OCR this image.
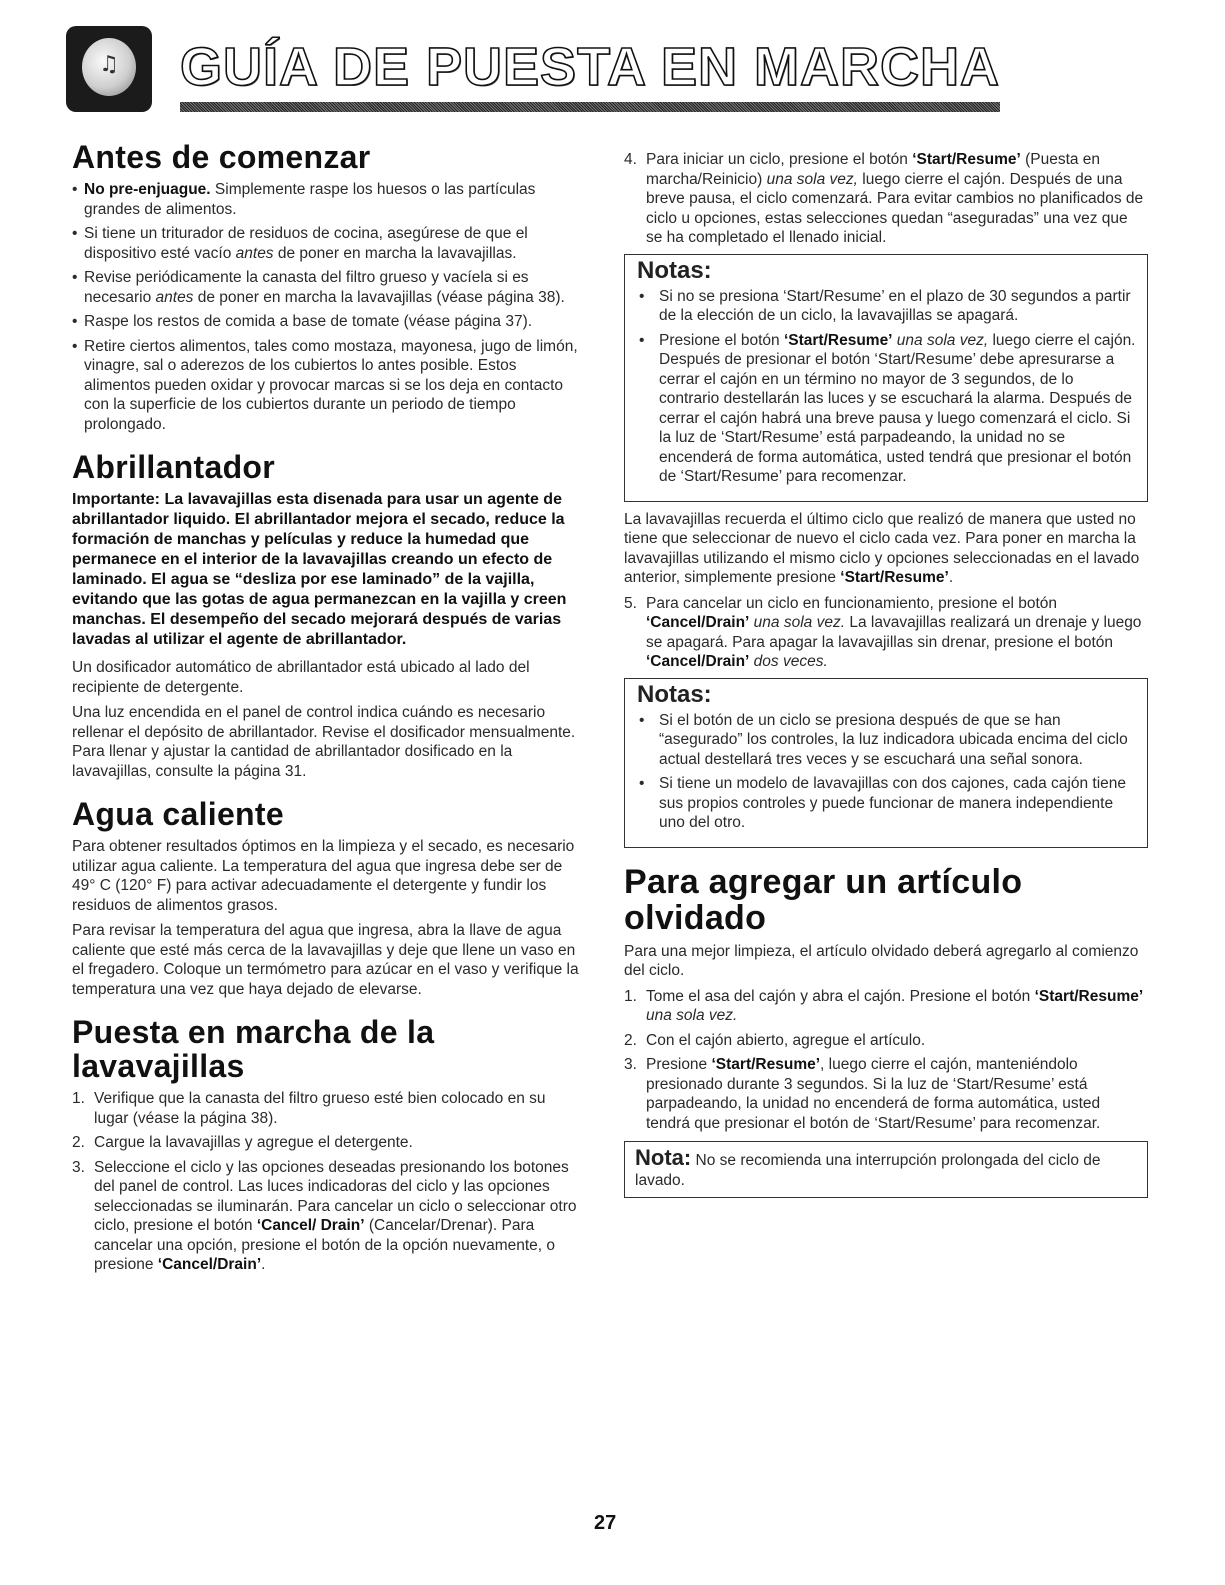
♫	GUÍA DE PUESTA EN MARCHA
Antes de comenzar
• No pre-enjuague. Simplemente raspe los huesos o las partículas grandes de alimentos.
• Si tiene un triturador de residuos de cocina, asegúrese de que el dispositivo esté vacío antes de poner en marcha la lavavajillas.
• Revise periódicamente la canasta del filtro grueso y vacíela si es necesario antes de poner en marcha la lavavajillas (véase página 38).
• Raspe los restos de comida a base de tomate (véase página 37).
• Retire ciertos alimentos, tales como mostaza, mayonesa, jugo de limón, vinagre, sal o aderezos de los cubiertos lo antes posible. Estos alimentos pueden oxidar y provocar marcas si se los deja en contacto con la superficie de los cubiertos durante un periodo de tiempo prolongado.
Abrillantador

Importante: La lavavajillas esta disenada para usar un agente de abrillantador liquido. El abrillantador mejora el secado, reduce la formación de manchas y películas y reduce la humedad que permanece en el interior de la lavavajillas creando un efecto de laminado. El agua se “desliza por ese laminado” de la vajilla, evitando que las gotas de agua permanezcan en la vajilla y creen manchas. El desempeño del secado mejorará después de varias lavadas al utilizar el agente de abrillantador.

Un dosificador automático de abrillantador está ubicado al lado del recipiente de detergente.

Una luz encendida en el panel de control indica cuándo es necesario rellenar el depósito de abrillantador. Revise el dosificador mensualmente. Para llenar y ajustar la cantidad de abrillantador dosificado en la lavavajillas, consulte la página 31.

Agua caliente

Para obtener resultados óptimos en la limpieza y el secado, es necesario utilizar agua caliente. La temperatura del agua que ingresa debe ser de 49° C (120° F) para activar adecuadamente el detergente y fundir los residuos de alimentos grasos.

Para revisar la temperatura del agua que ingresa, abra la llave de agua caliente que esté más cerca de la lavavajillas y deje que llene un vaso en el fregadero. Coloque un termómetro para azúcar en el vaso y verifique la temperatura una vez que haya dejado de elevarse.

Puesta en marcha de la lavavajillas
1. Verifique que la canasta del filtro grueso esté bien colocado en su lugar (véase la página 38).
2. Cargue la lavavajillas y agregue el detergente.
3. Seleccione el ciclo y las opciones deseadas presionando los botones del panel de control. Las luces indicadoras del ciclo y las opciones seleccionadas se iluminarán. Para cancelar un ciclo o seleccionar otro ciclo, presione el botón ‘Cancel/ Drain’ (Cancelar/Drenar). Para cancelar una opción, presione el botón de la opción nuevamente, o presione ‘Cancel/Drain’.
4. Para iniciar un ciclo, presione el botón ‘Start/Resume’ (Puesta en marcha/Reinicio) una sola vez, luego cierre el cajón. Después de una breve pausa, el ciclo comenzará. Para evitar cambios no planificados de ciclo u opciones, estas selecciones quedan “aseguradas” una vez que se ha completado el llenado inicial.
Notas:
• Si no se presiona ‘Start/Resume’ en el plazo de 30 segundos a partir de la elección de un ciclo, la lavavajillas se apagará.
• Presione el botón ‘Start/Resume’ una sola vez, luego cierre el cajón. Después de presionar el botón ‘Start/Resume’ debe apresurarse a cerrar el cajón en un término no mayor de 3 segundos, de lo contrario destellarán las luces y se escuchará la alarma. Después de cerrar el cajón habrá una breve pausa y luego comenzará el ciclo. Si la luz de ‘Start/Resume’ está parpadeando, la unidad no se encenderá de forma automática, usted tendrá que presionar el botón de ‘Start/Resume’ para recomenzar.

La lavavajillas recuerda el último ciclo que realizó de manera que usted no tiene que seleccionar de nuevo el ciclo cada vez. Para poner en marcha la lavavajillas utilizando el mismo ciclo y opciones seleccionadas en el lavado anterior, simplemente presione ‘Start/Resume’.

5. Para cancelar un ciclo en funcionamiento, presione el botón ‘Cancel/Drain’ una sola vez. La lavavajillas realizará un drenaje y luego se apagará. Para apagar la lavavajillas sin drenar, presione el botón ‘Cancel/Drain’ dos veces.
Notas:
• Si el botón de un ciclo se presiona después de que se han “asegurado” los controles, la luz indicadora ubicada encima del ciclo actual destellará tres veces y se escuchará una señal sonora.
• Si tiene un modelo de lavavajillas con dos cajones, cada cajón tiene sus propios controles y puede funcionar de manera independiente uno del otro.
Para agregar un artículo olvidado

Para una mejor limpieza, el artículo olvidado deberá agregarlo al comienzo del ciclo.

1. Tome el asa del cajón y abra el cajón. Presione el botón ‘Start/Resume’ una sola vez.
2. Con el cajón abierto, agregue el artículo.
3. Presione ‘Start/Resume’, luego cierre el cajón, manteniéndolo presionado durante 3 segundos. Si la luz de ‘Start/Resume’ está parpadeando, la unidad no encenderá de forma automática, usted tendrá que presionar el botón de ‘Start/Resume’ para recomenzar.
Nota: No se recomienda una interrupción prolongada del ciclo de lavado.
27
